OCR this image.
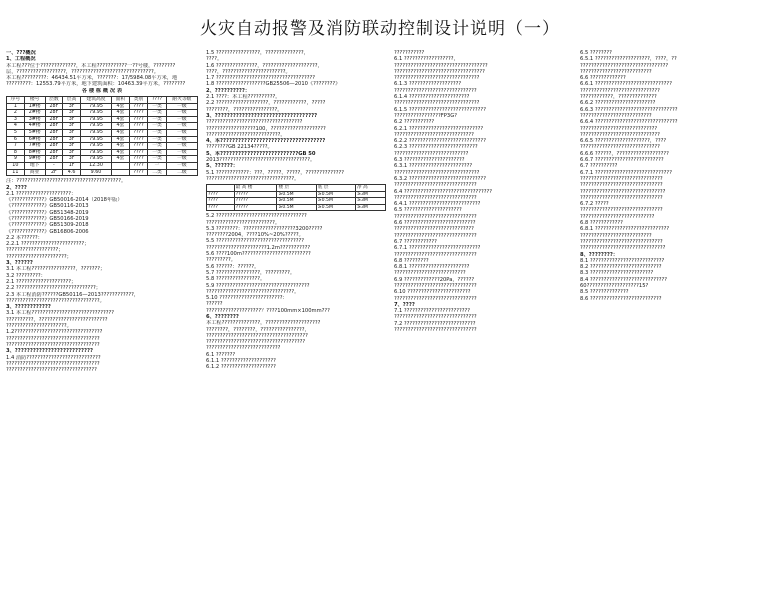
火灾自动报警及消防联动控制设计说明（一）
一、???概况
1、工程概况
本工程???位于?????????????，本工程???????????一??号楼，????????
层，??????????????????，??????????????????????????????。
本工程?????????：46434.51平方米，???????：17/5984.08平方米，地
?????????：12553.79平方米，地下建筑面积：10463.39平方米，????????
各 楼 栋 概 况 表
序号	楼号	层数	层高	建筑高度	面积	类别	????	耐火等级
1	1#楼	28F	3F	79.95	4套	????	一类	一级
2	2#楼	28F	3F	79.95	4套	????	一类	一级
3	3#楼	28F	3F	79.95	4套	????	一类	一级
4	4#楼	28F	3F	79.95	4套	????	一类	一级
5	5#楼	28F	3F	79.95	4套	????	一类	一级
6	6#楼	28F	3F	79.95	4套	????	一类	一级
7	7#楼	28F	3F	79.95	4套	????	一类	一级
8	8#楼	28F	3F	79.95	4套	????	一类	一级
9	9#楼	28F	3F	79.95	4套	????	一类	一级
10	地下	-	1F	12.30		????	一	一级
11	商业	2F	4.6	9.60		????	二类	二级
注：??????????????????????????????????????。
2、????
2.1 ????????????????????：
《????????????》GB50016-2014（2018年版）
《????????????》GB50116-2013
《????????????》GB51348-2019
《????????????》GB50166-2019
《????????????》GB51309-2018
《????????????》GB16806-2006
2.2 本??????：
2.2.1 ???????????????????????；
???????????????????；
??????????????????????；
3、??????
3.1 本工程????????????????，???????；
3.2 ?????????：
2.1 ????????????????????；
2.2 ?????????????????????????????；
2.3 本工程消防??????GB50116—2013????????????，
??????????????????????????????????。
3、????????????
3.1 本工程??????????????????????????????
??????????，?????????????????????????
??????????????????????。
1.2????????????????????????????????
??????????????????????????????????
??????????????????????????????????
3、??????????????????????????
1.4 消防???????????????????????????
??????????????????????????????????
?????????????????????????????????
1.5 ????????????????，??????????????，
????。
1.6 ???????????????，????????????????????，
????，???????????????????????。
1.7 ????????????????????????????????????
1.8 ??????????????????GB25506—2010《????????》
2、??????????：
2.1 ????：本工程??????????。
2.2 ???????????????????，????????????，?????
????????，????????????????。
3、??????????????????????????????????
???????????????????????????????????
??????????????????100，????????????????????
???????????????????????????。
4、本???????????????????????????????????
????????GB 22134?????。
5、本??????????????????????????GB 50
2013?????????????????????????????????。
5、??????：
5.1 ????????????：???、?????、?????，??????????????
????????????????????????????????。
	最 高 楼	楼 层	底 层	净 高
????	?????	≥0.5M	≥0.5M	≥3M
????	?????	≥0.5M	≥0.5M	≥3M
????	?????	≥0.5M	≥0.5M	≥3M
5.2 ?????????????????????????????????
?????????????????????????。
5.3 ????????：???????????????????3200?????
????????2004，????10%~20%?????。
5.5 ????????????????????????????????
??????????????????????1.2m???????????
5.6 ????100m?????????????????????????
?????????。
5.6 ??????：??????。
5.7 ????????????????，?????????。
5.8 ????????????????。
5.9 ??????????????????????????????????
????????????????????????????????。
5.10 ???????????????????????：
??????
????????????????????？????100mm×100mm???
6、????????
本工程??????????????，????????????????????
????????，????????，????????????????，
?????????????????????????????????????
????????????????????????????????????
???????????????????????????
6.1 ???????
6.1.1 ????????????????????
6.1.2 ????????????????????
???????????
6.1 ??????????????????，
??????????????????????????????????
?????????????????????????????????
???????????????????????????????
6.1.3 ???????????????????
??????????????????????????????
6.1.4 ??????????????????????
???????????????????????????????
6.1.5 ????????????????????????????
?????????????????FP3G?
6.2 ???????????
6.2.1 ???????????????????????????
?????????????????????????????
6.2.2 ????????????????????????????
6.2.3 ?????????????????????????
???????????????????????????
6.3 ??????????????????????
6.3.1 ???????????????????????
???????????????????????????????
6.3.2 ????????????????????????????
??????????????????????????????
6.4 ????????????????????????????????
??????????????????????????????
6.4.1 ??????????????????????????
6.5 ?????????????????????
??????????????????????????????
6.6 ??????????????????????????
?????????????????????????????
??????????????????????????????
6.7 ????????????
6.7.1 ??????????????????????????
??????????????????????????????
6.8 ?????????
6.8.1 ??????????????????????
??????????????????????????
6.9 ?????????????20Pa，??????
??????????????????????????????
6.10 ???????????????????????
??????????????????????????????
7、????
7.1 ????????????????????????
??????????????????????????????
7.2 ??????????????????????????
??????????????????????????????
6.5 ????????
6.5.1 ????????????????????，????，??
????????????????????????????????
??????????????????????????
6.6 ?????????????
6.6.1 ????????????????????????????
?????????????????????????????
????????????，??????????????
6.6.2 ??????????????????????
6.6.3 ??????????????????????????????
??????????????????????????
6.6.4 ??????????????????????????????
????????????????????????????
?????????????????????????????
6.6.5 ????????????????????，????
?????????????????????????????
6.6.6 ??????，???????????????????
6.6.7 ?????????????????????????
6.7 ??????????
6.7.1 ????????????????????????????
??????????????????????????????
??????????????????????????????
???????????????????????????????
??????????????????????????????
6.7.2 ?????
??????????????????????????????
???????????????????????????
6.8 ????????????
6.8.1 ???????????????????????????
??????????????????????????
??????????????????????????????
???????????????????????????????
8、????????：
8.1 ???????????????????????????
8.2 ??????????????????????????
8.3 ???????????????????????
8.4 ????????????????????????????
60???????????????????15?
8.5 ??????????????
8.6 ??????????????????????????
